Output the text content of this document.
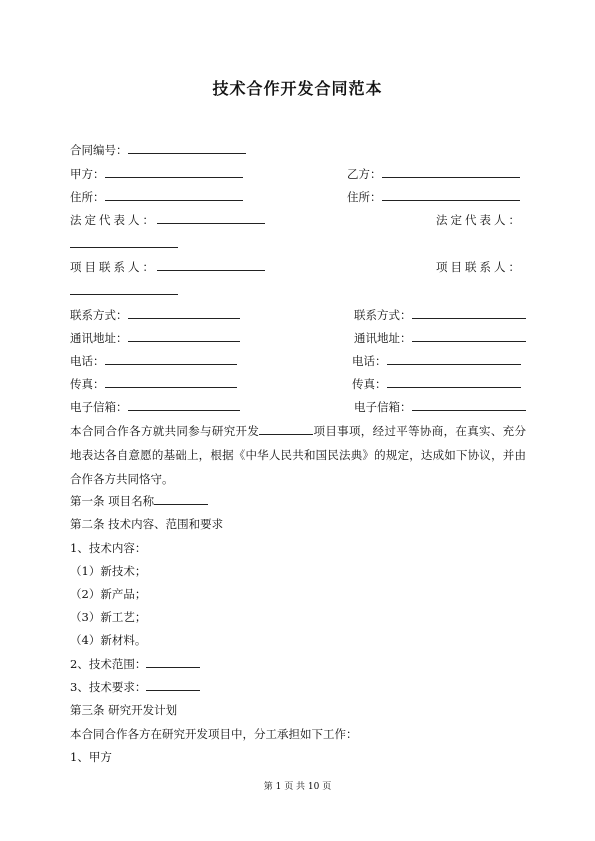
技术合作开发合同范本
合同编号：
甲方：	乙方：
住所：	住所：
法定代表人：	法定代表人：
项目联系人：	项目联系人：
联系方式：	联系方式：
通讯地址：	通讯地址：
电话：	电话：
传真：	传真：
电子信箱：	电子信箱：
本合同合作各方就共同参与研究开发	项目事项，经过平等协商，在真实、充分地表达各自意愿的基础上，根据《中华人民共和国民法典》的规定，达成如下协议，并由合作各方共同恪守。
第一条 项目名称
第二条 技术内容、范围和要求
1、技术内容：
（1）新技术；
（2）新产品；
（3）新工艺；
（4）新材料。
2、技术范围：
3、技术要求：
第三条 研究开发计划
本合同合作各方在研究开发项目中，分工承担如下工作：
1、甲方
第 1 页 共 10 页
